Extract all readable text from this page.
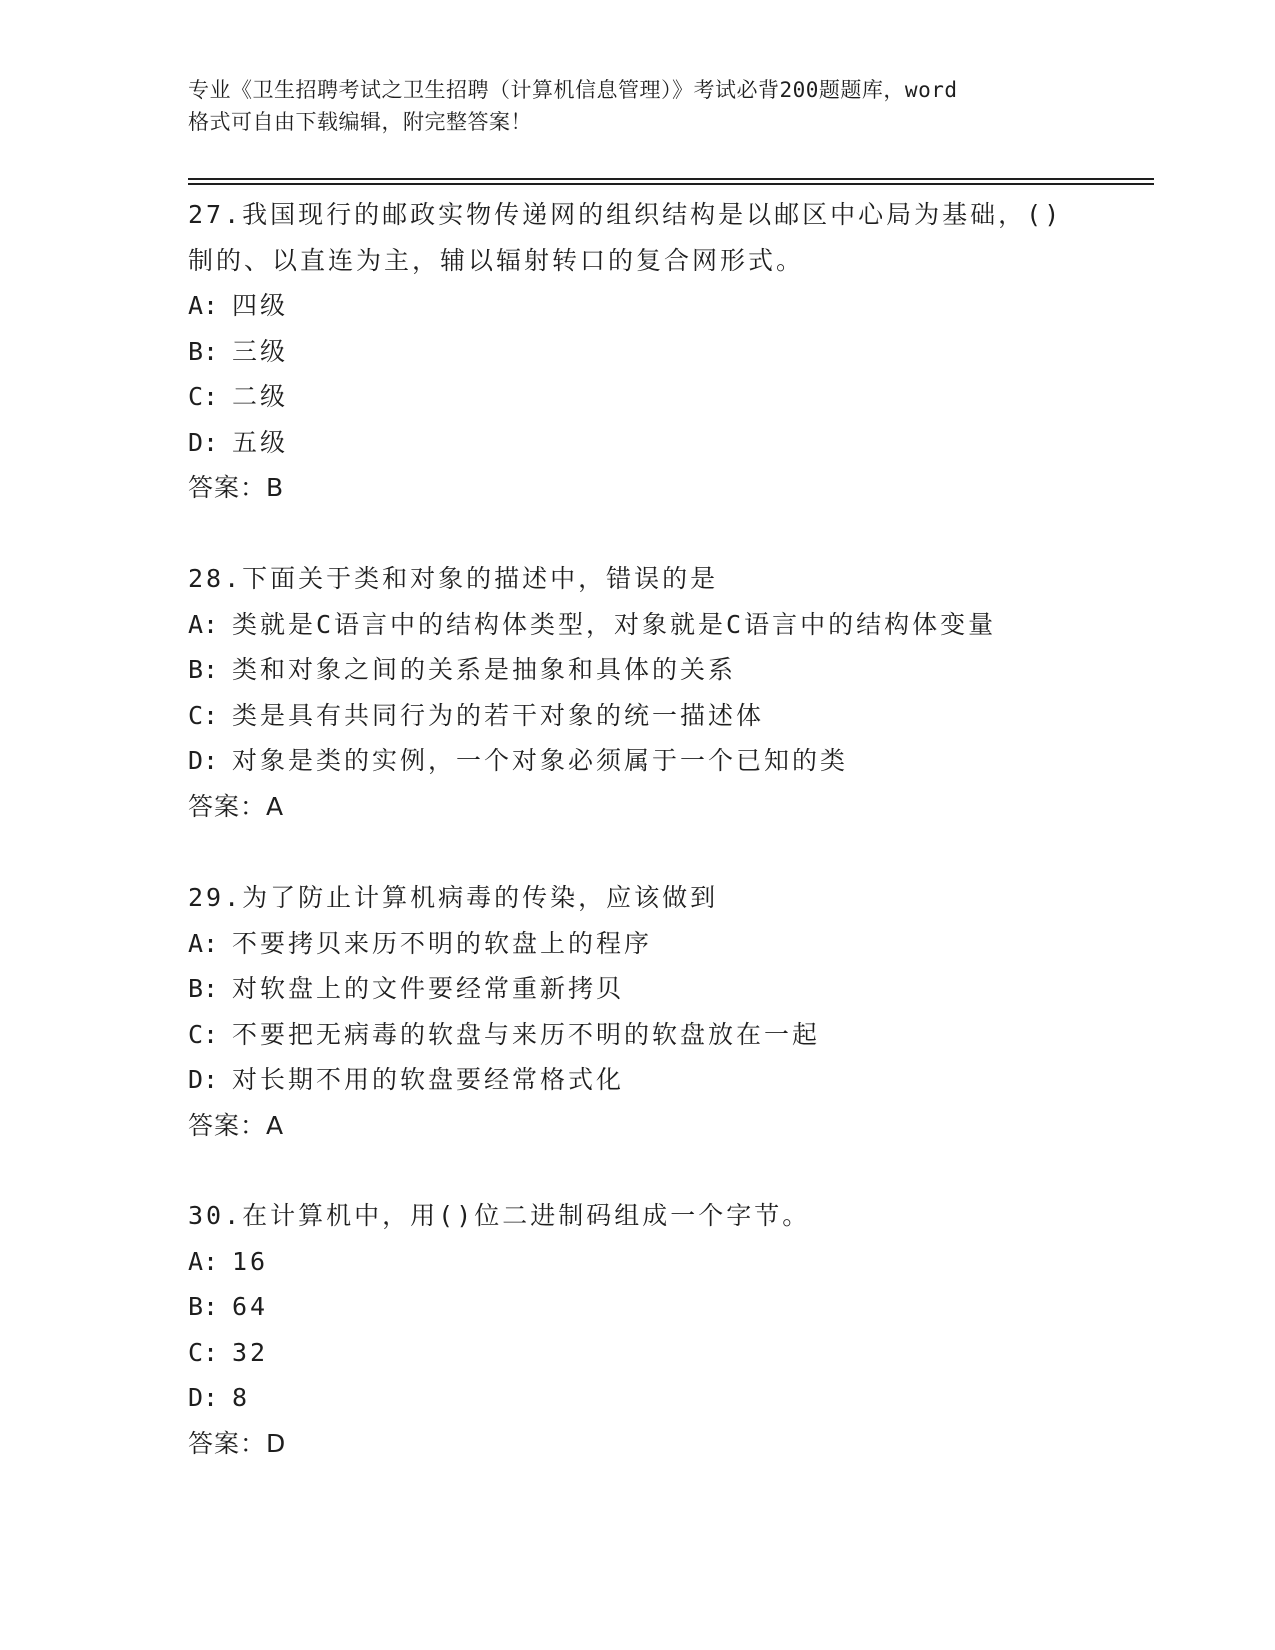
专业《卫生招聘考试之卫生招聘（计算机信息管理）》考试必背200题题库，word
格式可自由下载编辑，附完整答案！
27.我国现行的邮政实物传递网的组织结构是以邮区中心局为基础，()
制的、以直连为主，辅以辐射转口的复合网形式。
A: 四级
B: 三级
C: 二级
D: 五级
答案：B
28.下面关于类和对象的描述中，错误的是
A: 类就是C语言中的结构体类型，对象就是C语言中的结构体变量
B: 类和对象之间的关系是抽象和具体的关系
C: 类是具有共同行为的若干对象的统一描述体
D: 对象是类的实例，一个对象必须属于一个已知的类
答案：A
29.为了防止计算机病毒的传染，应该做到
A: 不要拷贝来历不明的软盘上的程序
B: 对软盘上的文件要经常重新拷贝
C: 不要把无病毒的软盘与来历不明的软盘放在一起
D: 对长期不用的软盘要经常格式化
答案：A
30.在计算机中，用()位二进制码组成一个字节。
A: 16
B: 64
C: 32
D: 8
答案：D
